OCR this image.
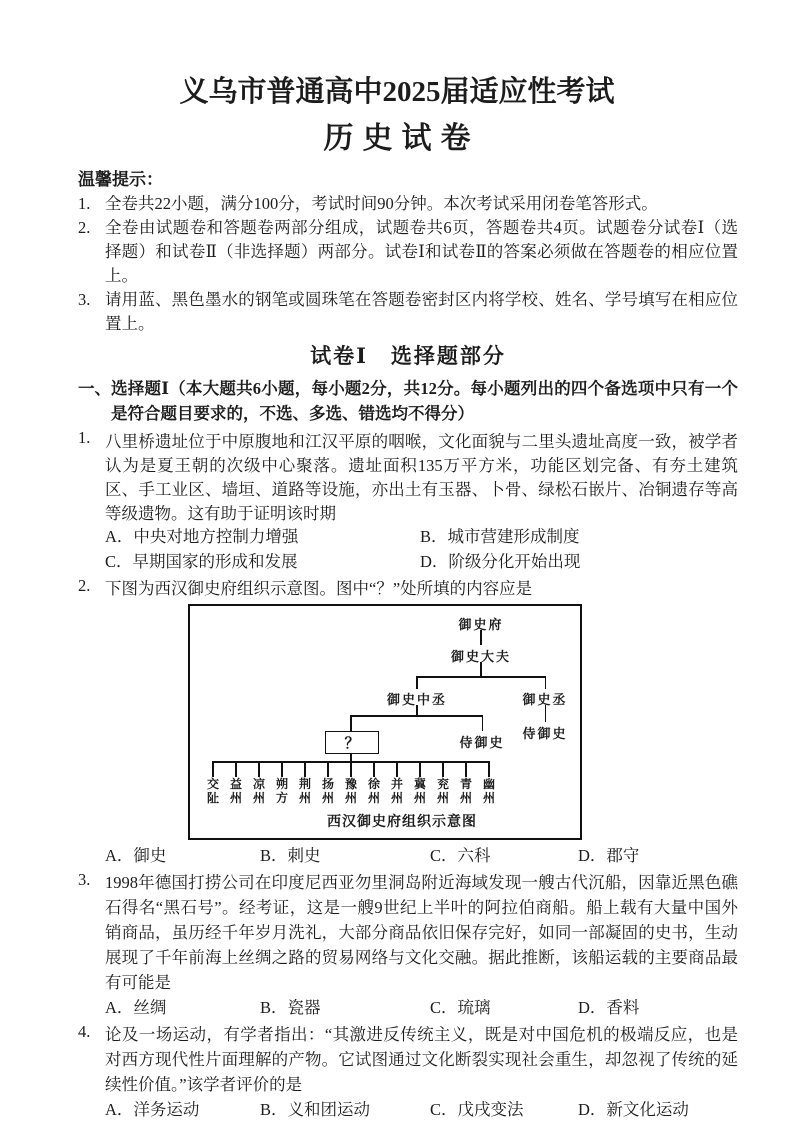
义乌市普通高中2025届适应性考试
历史试卷
温馨提示：
1. 全卷共22小题，满分100分，考试时间90分钟。本次考试采用闭卷笔答形式。
2. 全卷由试题卷和答题卷两部分组成，试题卷共6页，答题卷共4页。试题卷分试卷Ⅰ（选择题）和试卷Ⅱ（非选择题）两部分。试卷Ⅰ和试卷Ⅱ的答案必须做在答题卷的相应位置上。
3. 请用蓝、黑色墨水的钢笔或圆珠笔在答题卷密封区内将学校、姓名、学号填写在相应位置上。
试卷Ⅰ　选择题部分
一、 选择题Ⅰ（本大题共6小题，每小题2分，共12分。每小题列出的四个备选项中只有一个是符合题目要求的，不选、多选、错选均不得分）
1. 八里桥遗址位于中原腹地和江汉平原的咽喉，文化面貌与二里头遗址高度一致，被学者认为是夏王朝的次级中心聚落。遗址面积135万平方米，功能区划完备、有夯土建筑区、手工业区、墙垣、道路等设施，亦出土有玉器、卜骨、绿松石嵌片、冶铜遗存等高等级遗物。这有助于证明该时期
A．中央对地方控制力增强	B．城市营建形成制度
C．早期国家的形成和发展	D．阶级分化开始出现
2. 下图为西汉御史府组织示意图。图中“？”处所填的内容应是
御史府
御史大夫
御史中丞	御史丞
侍御史
侍御史
？
交阯
益州
凉州
朔方
荆州
扬州
豫州
徐州
并州
冀州
兖州
青州
幽州
西汉御史府组织示意图
A．御史	B．刺史	C．六科	D．郡守
3. 1998年德国打捞公司在印度尼西亚勿里洞岛附近海域发现一艘古代沉船，因靠近黑色礁石得名“黑石号”。经考证，这是一艘9世纪上半叶的阿拉伯商船。船上载有大量中国外销商品，虽历经千年岁月洗礼，大部分商品依旧保存完好，如同一部凝固的史书，生动展现了千年前海上丝绸之路的贸易网络与文化交融。据此推断，该船运载的主要商品最有可能是
A．丝绸	B．瓷器	C．琉璃	D．香料
4. 论及一场运动，有学者指出：“其激进反传统主义，既是对中国危机的极端反应，也是对西方现代性片面理解的产物。它试图通过文化断裂实现社会重生，却忽视了传统的延续性价值。”该学者评价的是
A．洋务运动	B．义和团运动	C．戊戌变法	D．新文化运动
